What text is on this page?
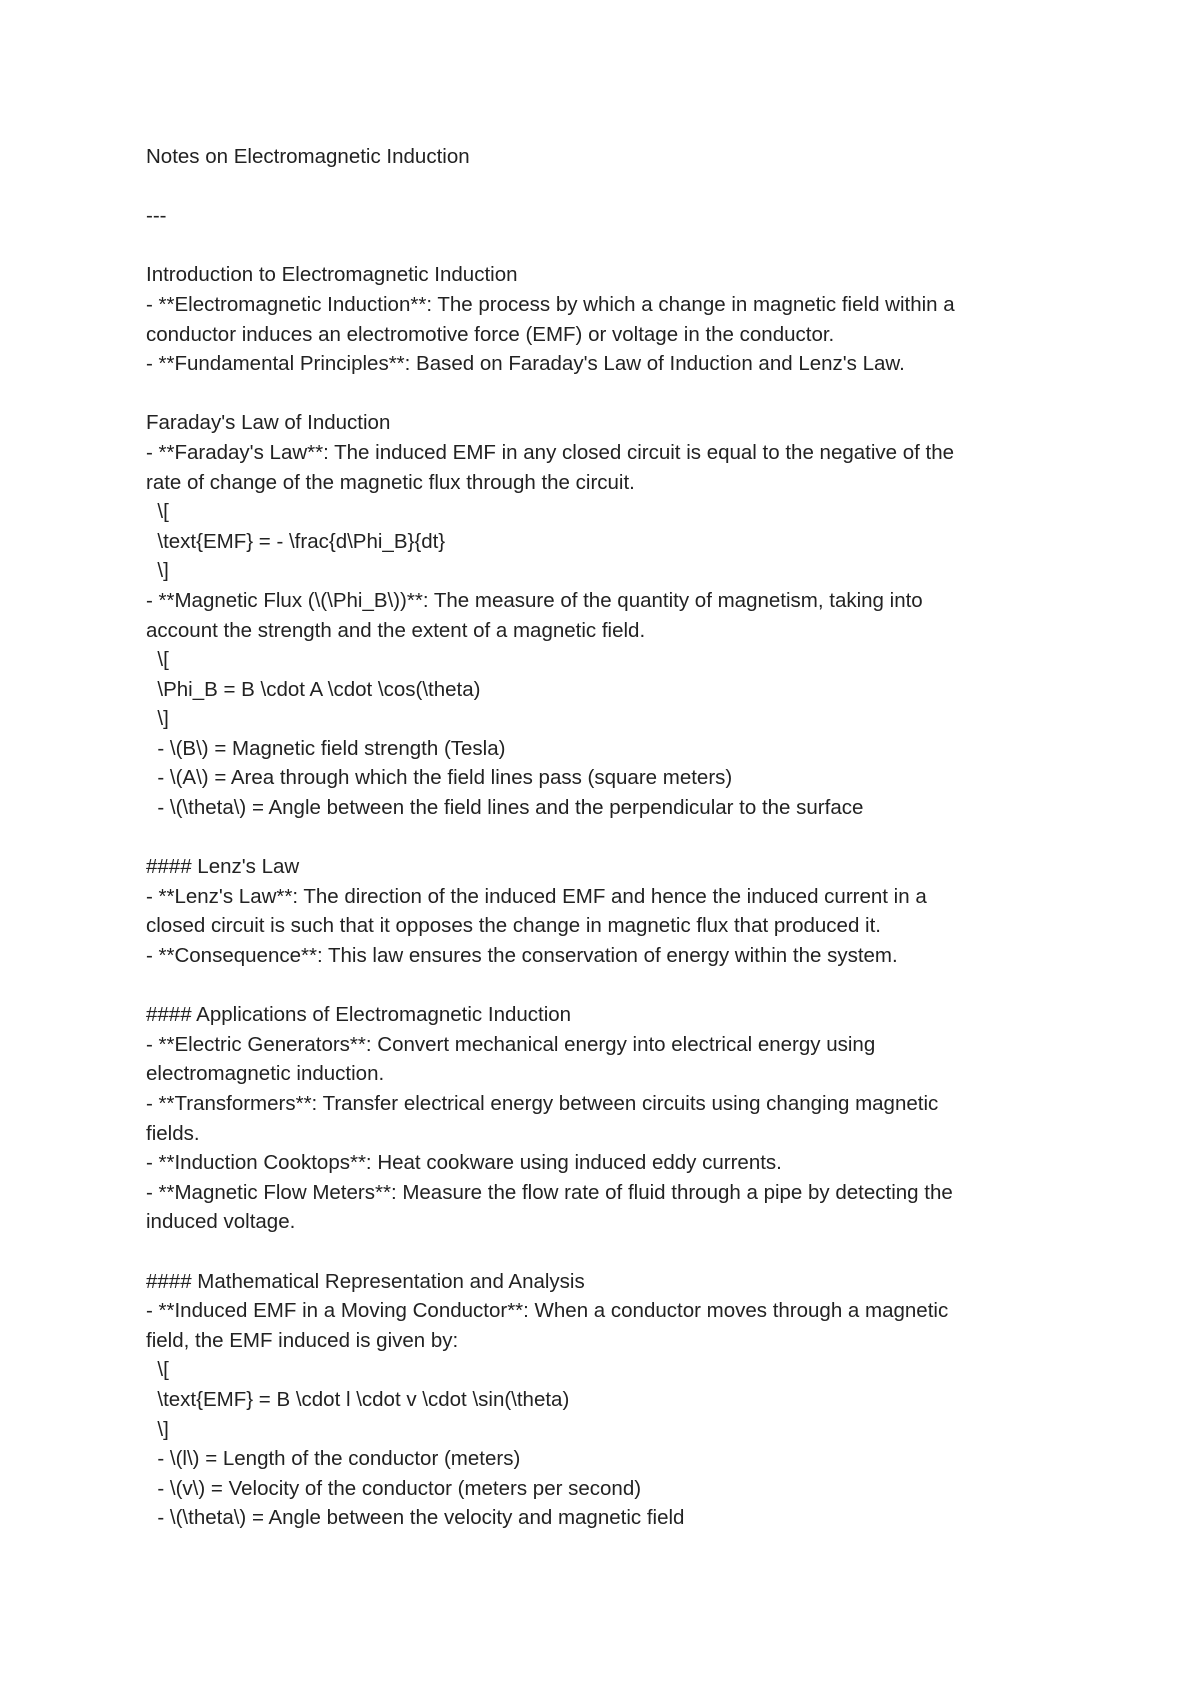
Notes on Electromagnetic Induction
---
Introduction to Electromagnetic Induction
- **Electromagnetic Induction**: The process by which a change in magnetic field within a
conductor induces an electromotive force (EMF) or voltage in the conductor.
- **Fundamental Principles**: Based on Faraday's Law of Induction and Lenz's Law.
Faraday's Law of Induction
- **Faraday's Law**: The induced EMF in any closed circuit is equal to the negative of the
rate of change of the magnetic flux through the circuit.
\[
\text{EMF} = - \frac{d\Phi_B}{dt}
\]
- **Magnetic Flux (\(\Phi_B\))**: The measure of the quantity of magnetism, taking into
account the strength and the extent of a magnetic field.
\[
\Phi_B = B \cdot A \cdot \cos(\theta)
\]
- \(B\) = Magnetic field strength (Tesla)
- \(A\) = Area through which the field lines pass (square meters)
- \(\theta\) = Angle between the field lines and the perpendicular to the surface
#### Lenz's Law
- **Lenz's Law**: The direction of the induced EMF and hence the induced current in a
closed circuit is such that it opposes the change in magnetic flux that produced it.
- **Consequence**: This law ensures the conservation of energy within the system.
#### Applications of Electromagnetic Induction
- **Electric Generators**: Convert mechanical energy into electrical energy using
electromagnetic induction.
- **Transformers**: Transfer electrical energy between circuits using changing magnetic
fields.
- **Induction Cooktops**: Heat cookware using induced eddy currents.
- **Magnetic Flow Meters**: Measure the flow rate of fluid through a pipe by detecting the
induced voltage.
#### Mathematical Representation and Analysis
- **Induced EMF in a Moving Conductor**: When a conductor moves through a magnetic
field, the EMF induced is given by:
\[
\text{EMF} = B \cdot l \cdot v \cdot \sin(\theta)
\]
- \(l\) = Length of the conductor (meters)
- \(v\) = Velocity of the conductor (meters per second)
- \(\theta\) = Angle between the velocity and magnetic field
